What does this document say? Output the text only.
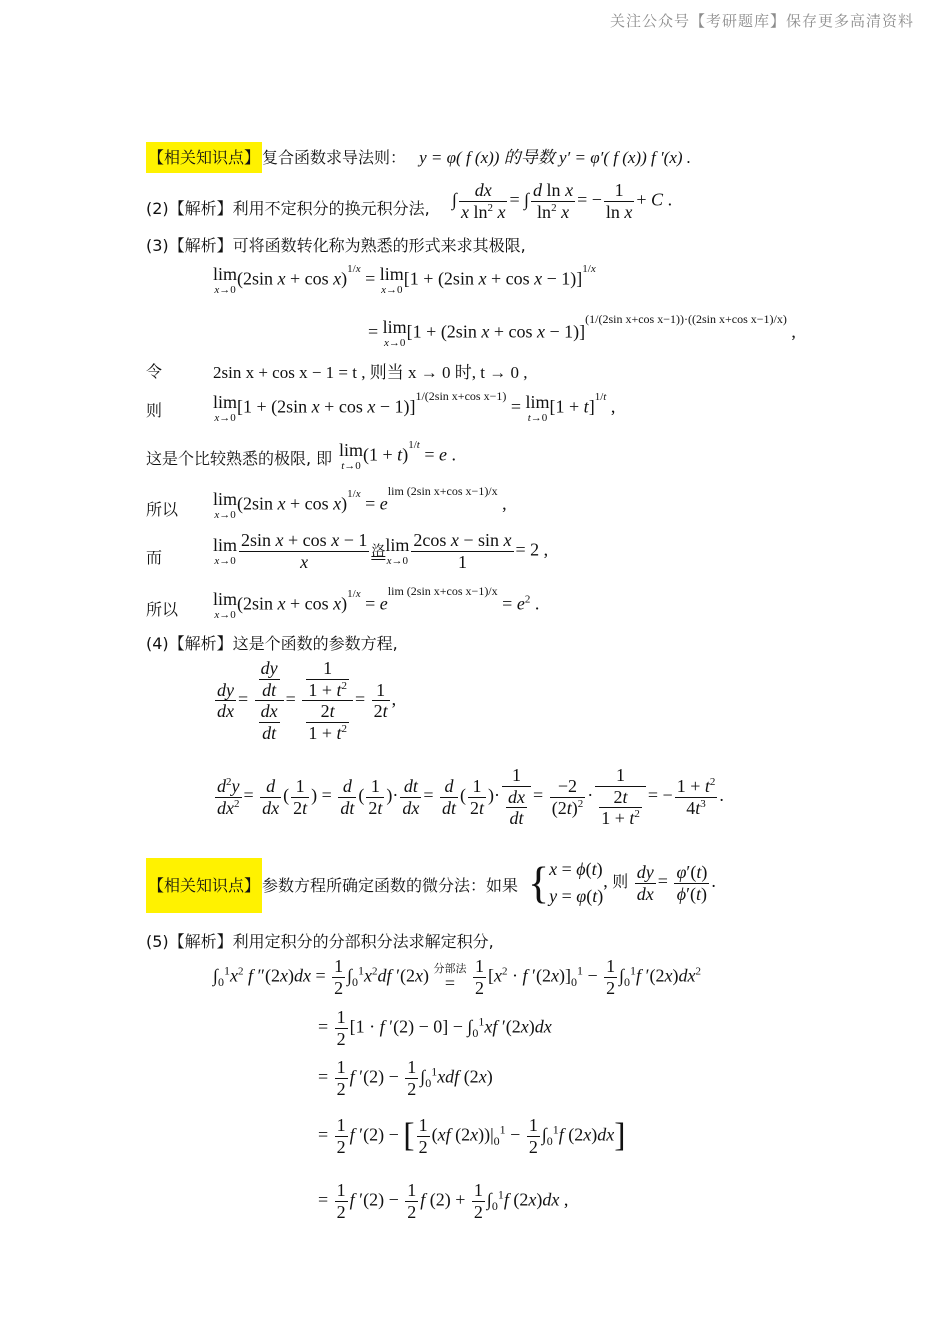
关注公众号【考研题库】保存更多高清资料
【相关知识点】 复合函数求导法则： y = φ( f (x)) 的导数 y′ = φ′( f (x)) f ′(x) .
(2)【解析】利用不定积分的换元积分法, ∫ $\frac{dx}{x \ln^2 x}$ = ∫ $\frac{\text{d ln x}}{\ln^2 x}$ = − $\frac{1}{\text{ln x}} + C$ .
(3)【解析】可将函数转化称为熟悉的形式来求其极限,
lim
x→0
(2sin x + cos x)$^{1/x}$ = lim
x→0
[1 + (2sin x + cos x − 1)]$^{1/x}$
= lim
x→0
[1 + (2sin x + cos x − 1)]$^{(1/(2sin x+cos x-1))\cdot((2sin x+cos x-1)/x)}$ ,
令	2sin x + cos x − 1 = t , 则当 x → 0 时, t → 0 ,
则	lim
x→0
[1 + (2sin x + cos x − 1)]$^{1/(2sin x+cos x-1)}$ = lim
t→0
$[1 + t]^{1/t}$ ,
这是个比较熟悉的极限, 即 lim
t→0
$(1 + t)^{1/t} = e$ .
所以
lim
x→0
(2sin $x + \cos x)^{1/x} = e^{lim (2sin x+cos x-1)/x}$ ,
而
lim
$x\to 0 \frac{\text{2sin x + cos x − 1}}{x}$ 洛lim
$x\to 0 \frac{\text{2cos x − sin x}}{1} = 2$ ,
所以
lim
x→0
(2sin $x + \cos x)^{1/x} = e^{lim (2sin x+cos x-1)/x} = e^2$ .
(4)【解析】这是个函数的参数方程,
$\frac{dy}{dx} = \frac{\frac{dy}{dt}}{\frac{dx}{dt}} = \frac{\frac{1}{1 + t^2}}{\frac{2t}{1 + t^2}} = \frac{1}{2t}$ ,
$\frac{d^2y}{dx^2} = \frac{d}{dx}$ ( $\frac{1}{2t}$ ) = $\frac{d}{dt}$ ( $\frac{1}{2t}$ )· $\frac{dt}{dx} = \frac{d}{dt}$ ( $\frac{1}{2t}$ )· $\frac{1}{\frac{dx}{dt}} = \frac{-2}{(2t)^2} \cdot \frac{1}{\frac{2t}{1 + t^2}}$ = − $\frac{1 + t^2}{4t^3}$ .
【相关知识点】 参数方程所确定函数的微分法：如果 {x = ϕ(t)
y = φ(t), 则 $\frac{dy}{dx} = \frac{\varphi'(t)}{\phi'(t)}$ .
(5)【解析】利用定积分的分部积分法求解定积分,
$\int_0^1x^2$ f $''(2x)dx = \frac{1}{2} \int_0^1x^2df$ ′(2x) 分部法
= $\frac{1}{2} [x^2 \cdot f$ $'(2x)]_0^1 - \frac{1}{2} \int_0^1f$ $'(2x)dx^2$
= $\frac{1}{2} [1 \cdot f$ $'(2) - 0] - \int_0^1xf$ ′(2x)dx
= $\frac{1}{2}$ f $'(2) - \frac{1}{2} \int_0^1xdf$ (2x)
= $\frac{1}{2}$ f ′(2) − [ $\frac{1}{2} (xf$ $(2x))|_0^1 - \frac{1}{2} \int_0^1f$ (2x)dx]
= $\frac{1}{2}$ f $'(2) - \frac{1}{2}$ f $(2) + \frac{1}{2} \int_0^1f$ (2x)dx ,
